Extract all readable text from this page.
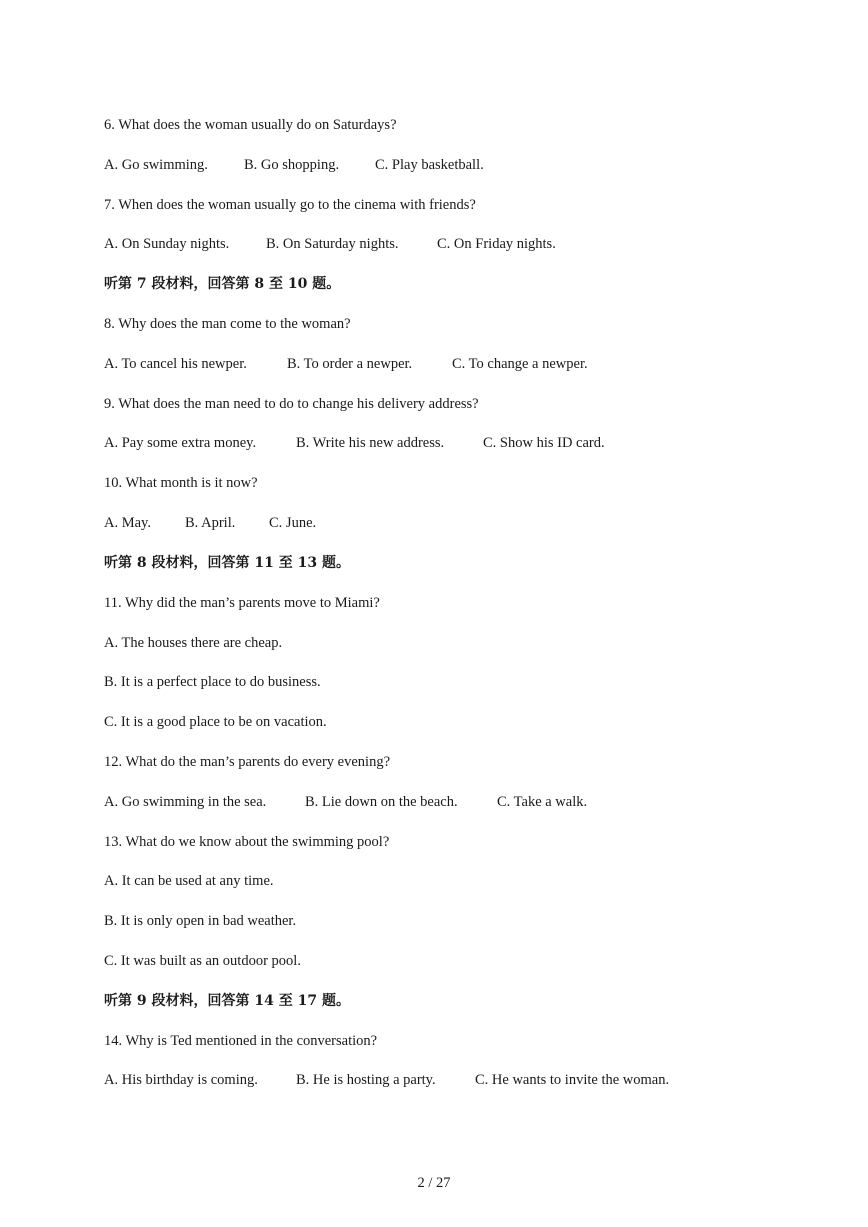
6. What does the woman usually do on Saturdays?
A. Go swimming. B. Go shopping. C. Play basketball.
7. When does the woman usually go to the cinema with friends?
A. On Sunday nights.	B. On Saturday nights.	C. On Friday nights.
听第 7 段材料，回答第 8 至 10 题。
8. Why does the man come to the woman?
A. To cancel his newper.	B. To order a newper.	C. To change a newper.
9. What does the man need to do to change his delivery address?
A. Pay some extra money.	B. Write his new address.	C. Show his ID card.
10. What month is it now?
A. May. B. April. C. June.
听第 8 段材料，回答第 11 至 13 题。
11. Why did the man’s parents move to Miami?
A. The houses there are cheap.
B. It is a perfect place to do business.
C. It is a good place to be on vacation.
12. What do the man’s parents do every evening?
A. Go swimming in the sea.	B. Lie down on the beach.	C. Take a walk.
13. What do we know about the swimming pool?
A. It can be used at any time.
B. It is only open in bad weather.
C. It was built as an outdoor pool.
听第 9 段材料，回答第 14 至 17 题。
14. Why is Ted mentioned in the conversation?
A. His birthday is coming.	B. He is hosting a party.	C. He wants to invite the woman.
2 / 27
